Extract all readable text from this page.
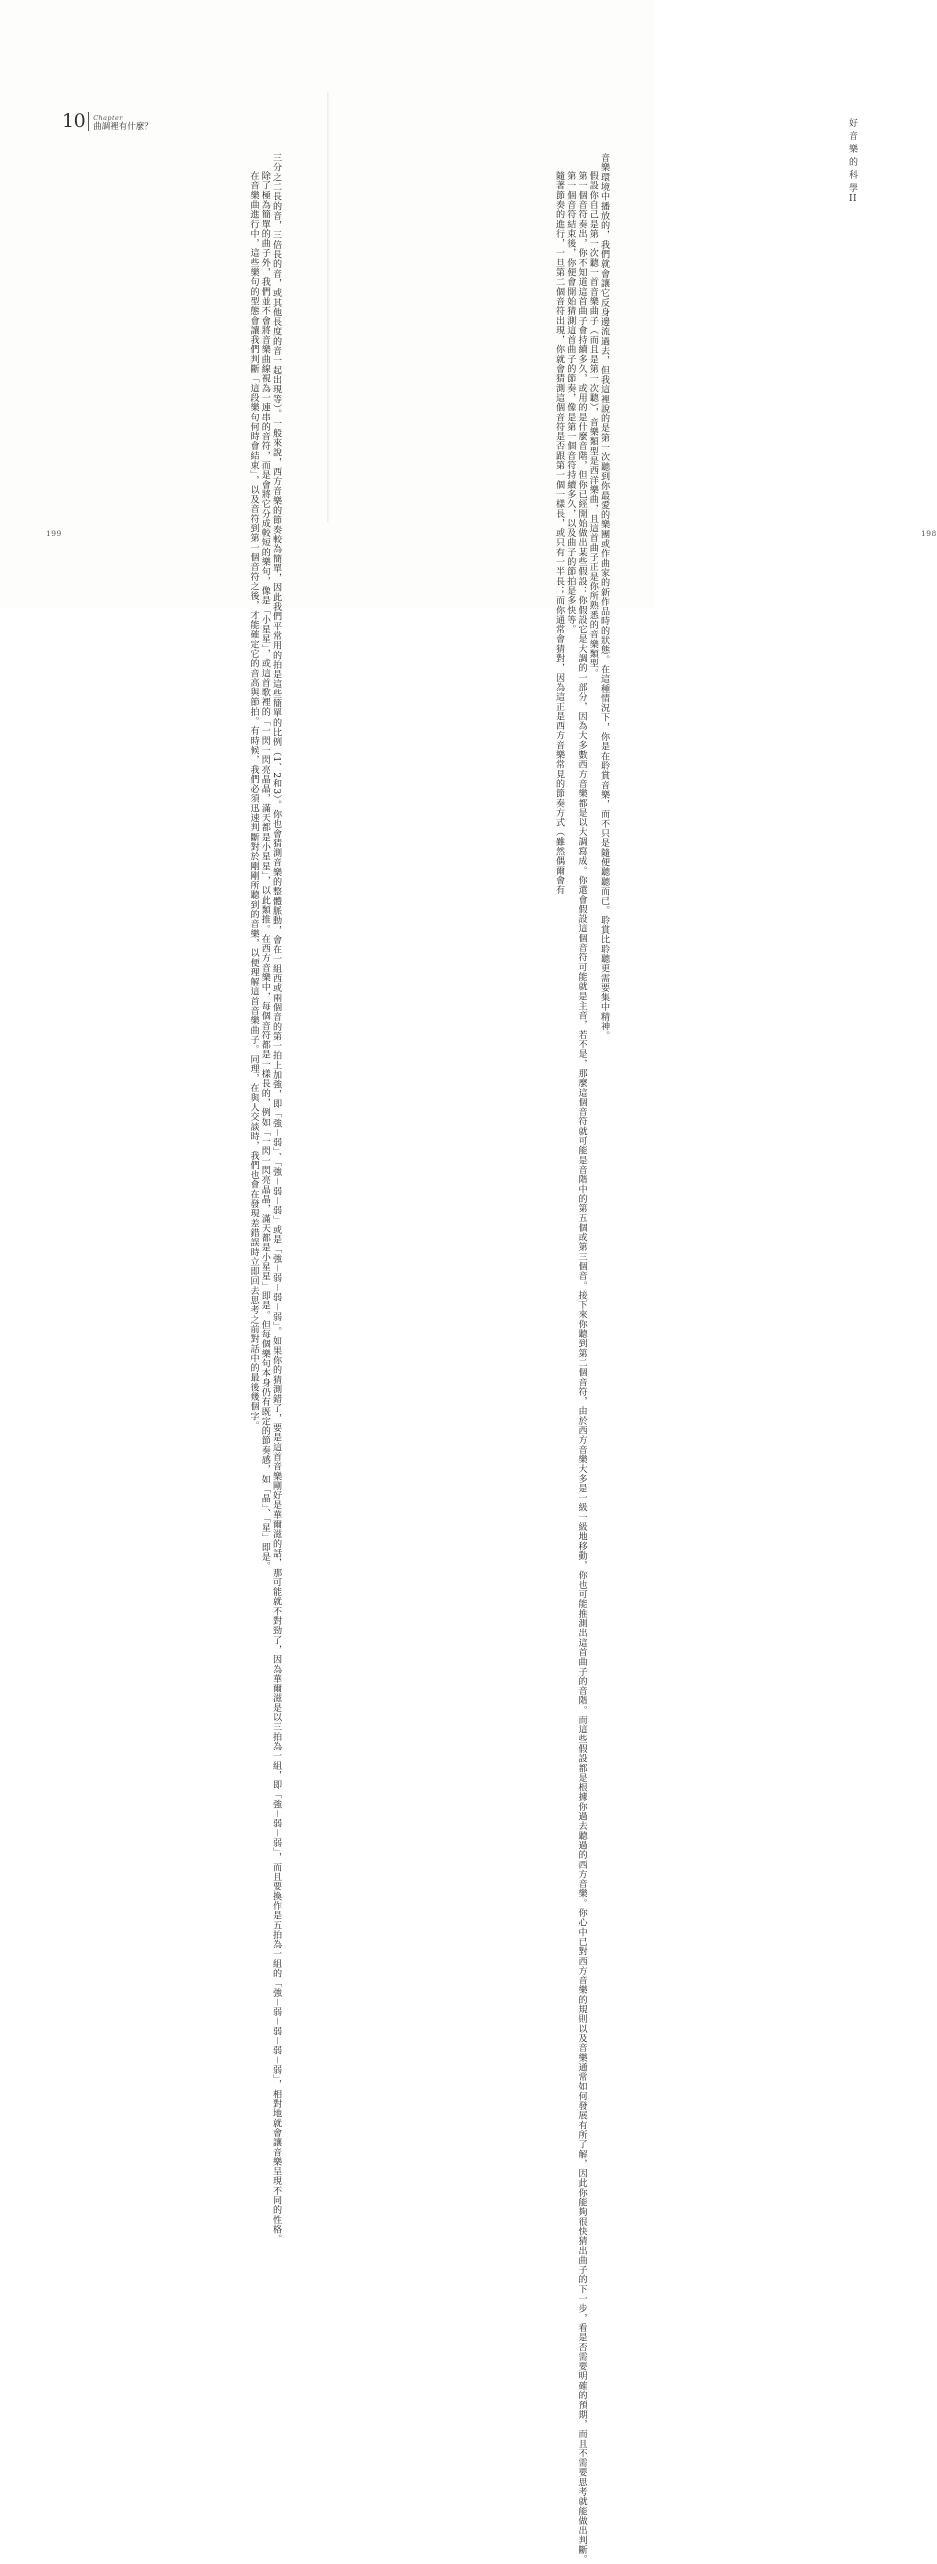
10 Chapter
曲調裡有什麼？

三分之二長的音，三倍長的音，或其他長度的音一起出現等）。一般來說，西方音樂的節奏較為簡單，因此我們平常用的拍是這些簡單的比例（1、2和3）。你也會猜測音樂的整體脈動，會在一組西或兩個音的第一拍上加強，即「強－弱」、「強－弱－弱」或是「強－弱－弱－弱」。如果你的猜測錯了，要是這首音樂剛好是華爾滋的話，那可能就不對勁了，因為華爾滋是以三拍為一組，即「強－弱－弱」，而且要換作是五拍為一組的「強－弱－弱－弱－弱」，相對地就會讓音樂呈現不同的性格。

除了極為簡單的曲子外，我們並不會將音樂曲線視為一連串的音符，而是會將它分成較短的樂句，像是「小星星」，或這首歌裡的「一閃一閃亮晶晶，滿天都是小星星」，以此類推。在西方音樂中，每個音符都是一樣長的，例如「一閃一閃亮晶晶，滿天都是小星星」即是。但每個樂句本身仍有既定的節奏感，如「晶」、「星」即是。

在音樂曲進行中，這些樂句的型態會讓我們判斷「這段樂句何時會結束」，以及音符到第一個音符之後，才能確定它的音高與節拍。有時候，我們必須迅速判斷對於剛剛所聽到的音樂，以便理解這首音樂曲子。同理，在與人交談時，我們也會在發現差錯誤時立即回去思考之前對話中的最後幾個字。

199
好音樂的科學 II

音樂環境中播放的，我們就會讓它反身邊流過去，但我這裡說的是第一次聽到你最愛的樂團或作曲家的新作品時的狀態。在這種情況下，你是在聆賞音樂，而不只是隨便聽聽而已。聆賞比聆聽更需要集中精神。

假設你自己是第一次聽一首音樂曲子（而且是第一次聽），音樂類型是西洋樂曲，且這首曲子正是你所熟悉的音樂類型。

第一個音符奏出，你不知道這首曲子會持續多久，或用的是什麼音階，但你已經開始做出某些假設：你假設它是大調的一部分，因為大多數西方音樂都是以大調寫成。你還會假設這個音符可能就是主音，若不是，那麼這個音符就可能是音階中的第五個或第三個音。接下來你聽到第二個音符，由於西方音樂大多是一級一級地移動，你也可能推測出這首曲子的音階。而這些假設都是根據你過去聽過的西方音樂。你心中已對西方音樂的規則以及音樂通常如何發展有所了解，因此你能夠很快猜出曲子的下一步，看是否需要明確的預期，而且不需要思考就能做出判斷。

第一個音符結束後，你便會開始猜測這首曲子的節奏，像是第一個音符持續多久，以及曲子的節拍是多快等。

隨著節奏的進行，一旦第二個音符出現，你就會猜測這個音符是否跟第一個一樣長，或只有一半長；而你通常會猜對，因為這正是西方音樂常見的節奏方式（雖然偶爾會有	198
